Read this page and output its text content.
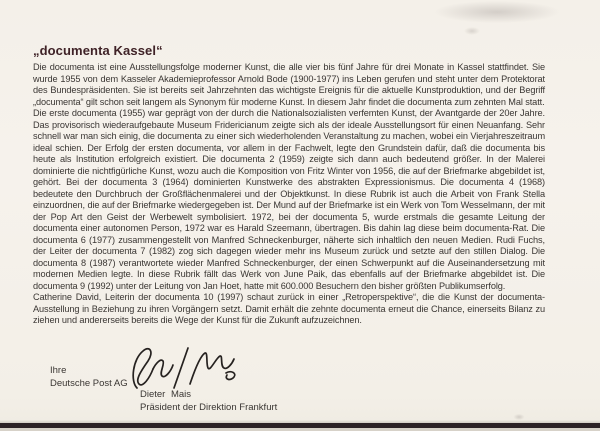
„documenta Kassel“

Die documenta ist eine Ausstellungsfolge moderner Kunst, die alle vier bis fünf Jahre für drei Monate in Kassel stattfindet. Sie wurde 1955 von dem Kasseler Akademieprofessor Arnold Bode (1900-1977) ins Leben gerufen und steht unter dem Protektorat des Bundespräsidenten. Sie ist bereits seit Jahrzehnten das wichtigste Ereignis für die aktuelle Kunstproduktion, und der Begriff „documenta“ gilt schon seit langem als Synonym für moderne Kunst. In diesem Jahr findet die documenta zum zehnten Mal statt.

Die erste documenta (1955) war geprägt von der durch die Nationalsozialisten verfemten Kunst, der Avantgarde der 20er Jahre. Das provisorisch wiederaufgebaute Museum Fridericianum zeigte sich als der ideale Ausstellungsort für einen Neuanfang. Sehr schnell war man sich einig, die documenta zu einer sich wiederholenden Veranstaltung zu machen, wobei ein Vierjahreszeitraum ideal schien. Der Erfolg der ersten documenta, vor allem in der Fachwelt, legte den Grundstein dafür, daß die documenta bis heute als Institution erfolgreich existiert. Die documenta 2 (1959) zeigte sich dann auch bedeutend größer. In der Malerei dominierte die nichtfigürliche Kunst, wozu auch die Komposition von Fritz Winter von 1956, die auf der Briefmarke abgebildet ist, gehört. Bei der documenta 3 (1964) dominierten Kunstwerke des abstrakten Expressionismus. Die documenta 4 (1968) bedeutete den Durchbruch der Großflächenmalerei und der Objektkunst. In diese Rubrik ist auch die Arbeit von Frank Stella einzuordnen, die auf der Briefmarke wiedergegeben ist. Der Mund auf der Briefmarke ist ein Werk von Tom Wesselmann, der mit der Pop Art den Geist der Werbewelt symbolisiert. 1972, bei der documenta 5, wurde erstmals die gesamte Leitung der documenta einer autonomen Person, 1972 war es Harald Szeemann, übertragen. Bis dahin lag diese beim documenta-Rat. Die documenta 6 (1977) zusammengestellt von Manfred Schneckenburger, näherte sich inhaltlich den neuen Medien. Rudi Fuchs, der Leiter der documenta 7 (1982) zog sich dagegen wieder mehr ins Museum zurück und setzte auf den stillen Dialog. Die documenta 8 (1987) verantwortete wieder Manfred Schneckenburger, der einen Schwerpunkt auf die Auseinandersetzung mit modernen Medien legte. In diese Rubrik fällt das Werk von June Paik, das ebenfalls auf der Briefmarke abgebildet ist. Die documenta 9 (1992) unter der Leitung von Jan Hoet, hatte mit 600.000 Besuchern den bisher größten Publikumserfolg.

Catherine David, Leiterin der documenta 10 (1997) schaut zurück in einer „Retroperspektive“, die die Kunst der documenta-Ausstellung in Beziehung zu ihren Vorgängern setzt. Damit erhält die zehnte documenta erneut die Chance, einerseits Bilanz zu ziehen und andererseits bereits die Wege der Kunst für die Zukunft aufzuzeichnen.

Ihre
Deutsche Post AG
Dieter Mais
Präsident der Direktion Frankfurt
